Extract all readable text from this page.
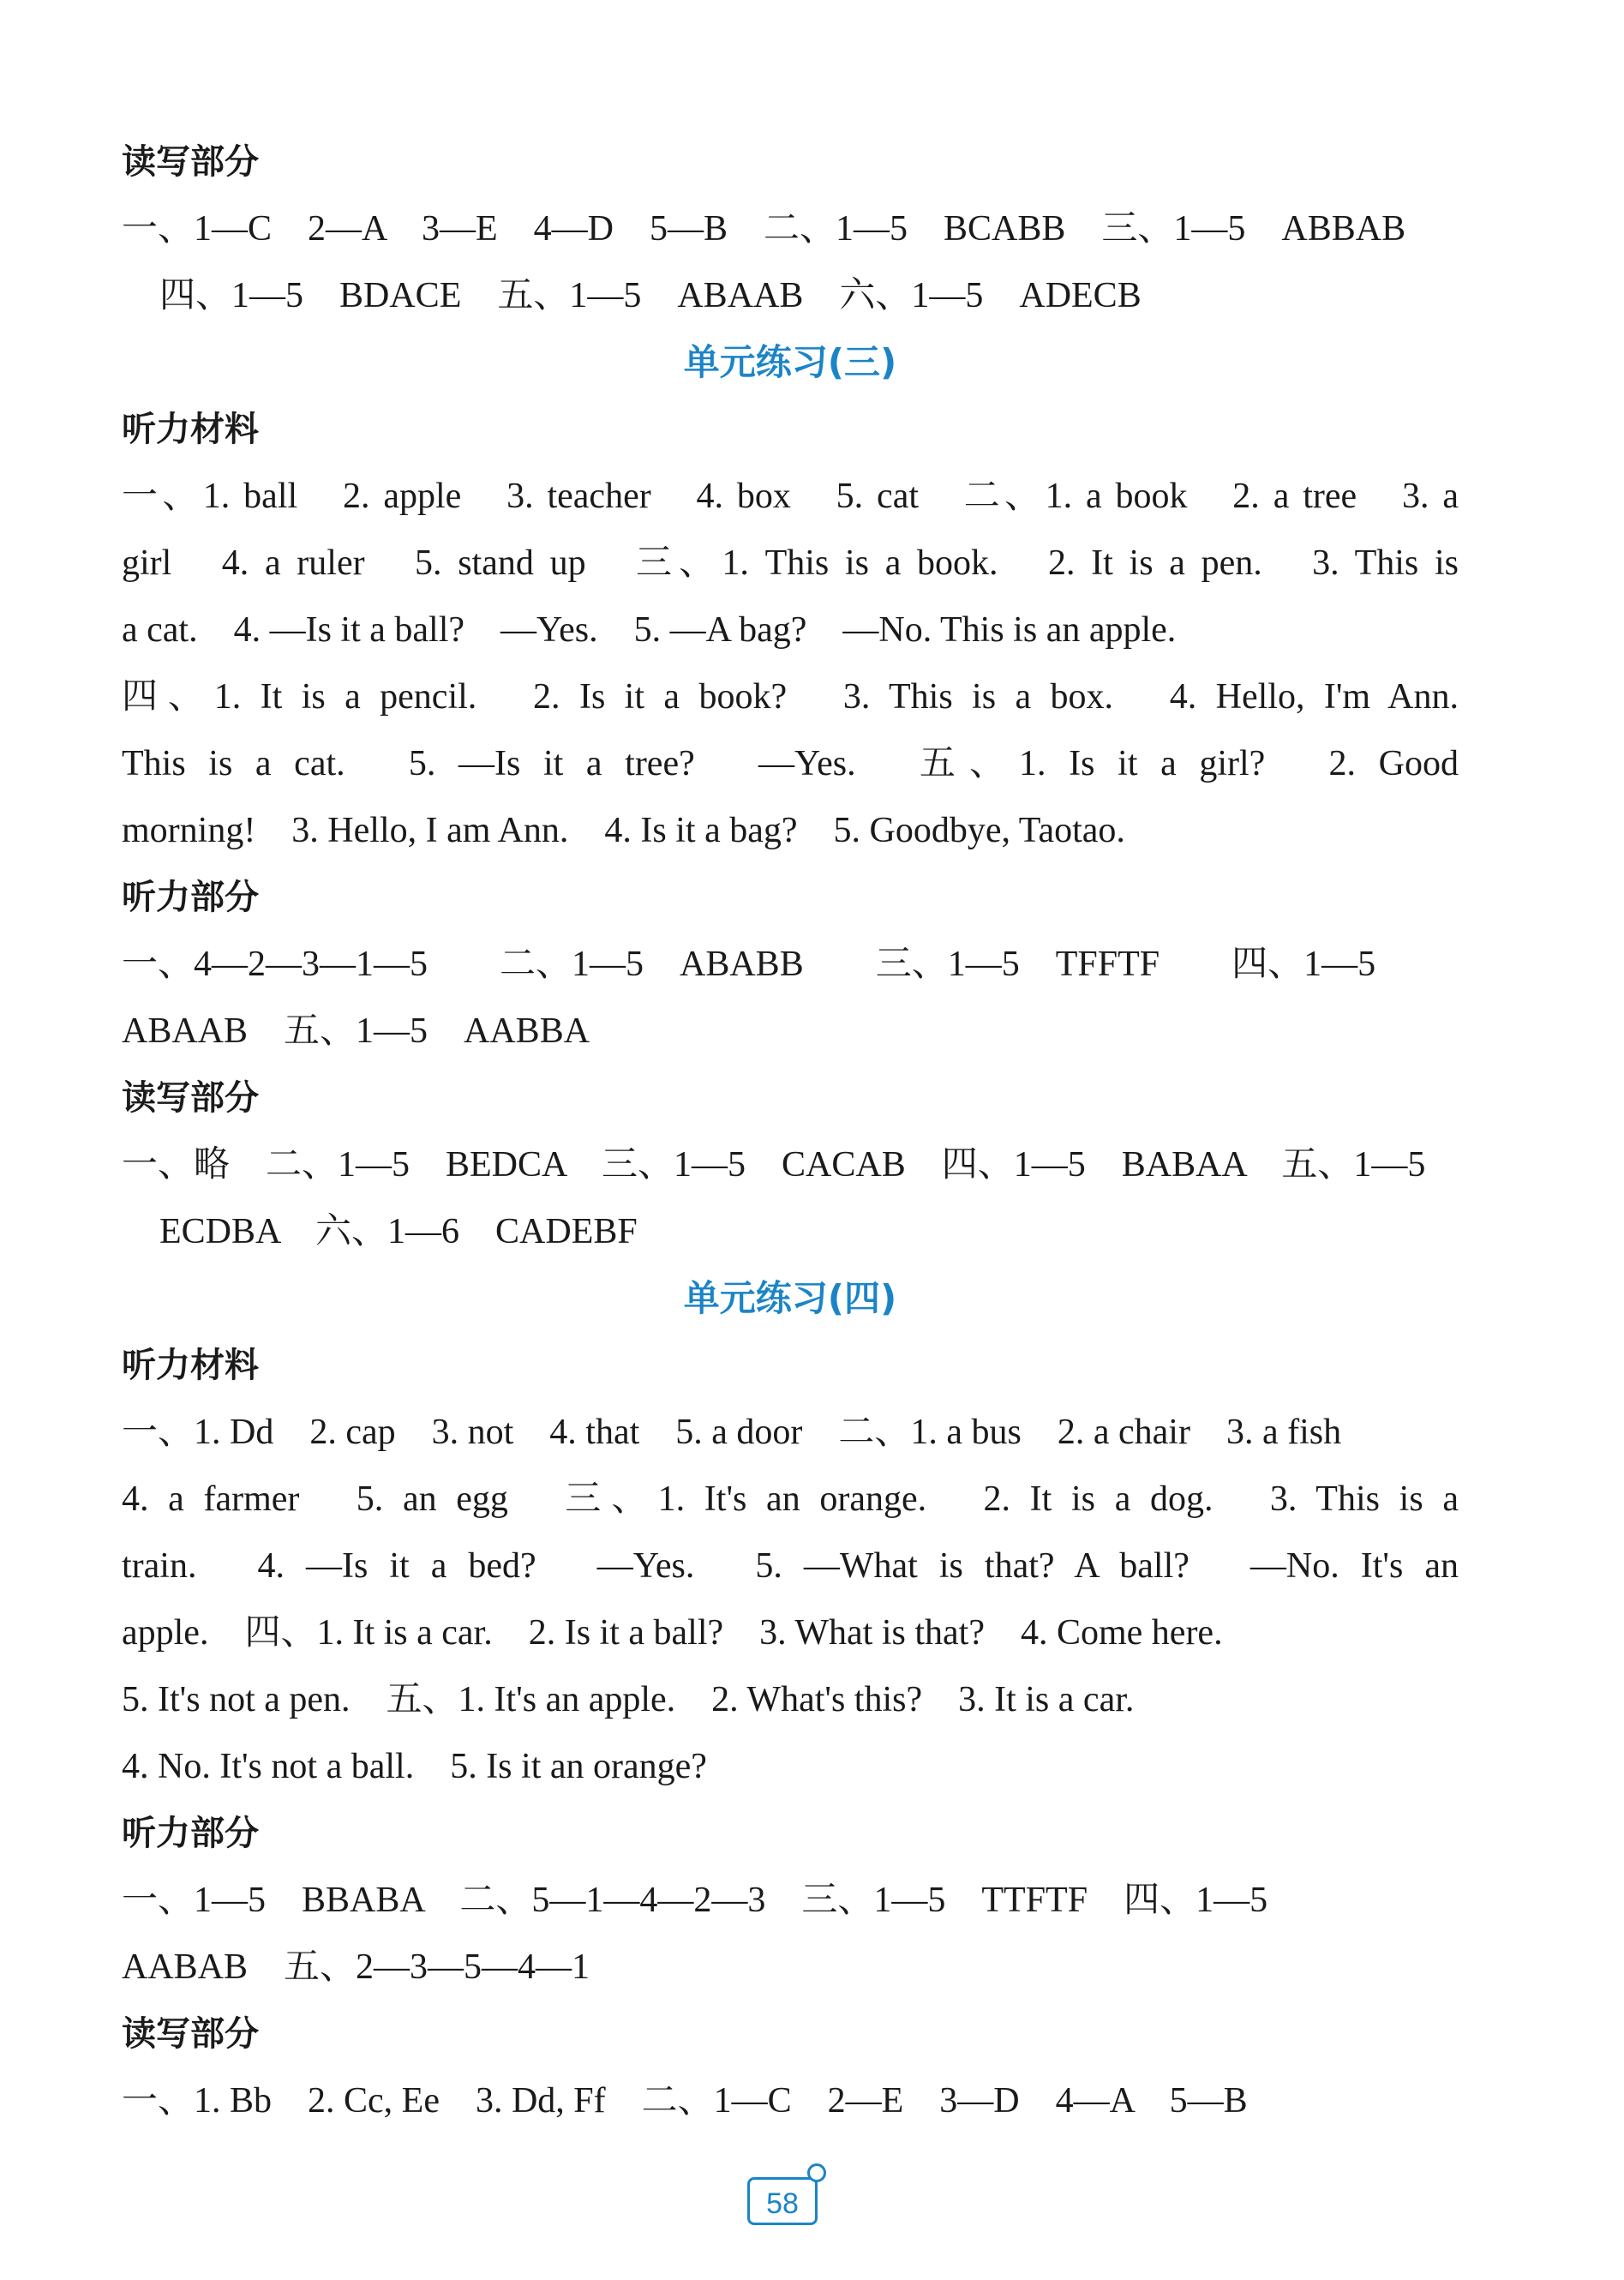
读写部分
一、1—C　2—A　3—E　4—D　5—B　二、1—5　BCABB　三、1—5　ABBAB
四、1—5　BDACE　五、1—5　ABAAB　六、1—5　ADECB
单元练习(三)
听力材料
一、1. ball　2. apple　3. teacher　4. box　5. cat　二、1. a book　2. a tree　3. a
girl　4. a ruler　5. stand up　三、1. This is a book.　2. It is a pen.　3. This is
a cat.　4. —Is it a ball?　—Yes.　5. —A bag?　—No. This is an apple.
四、1. It is a pencil.　2. Is it a book?　3. This is a box.　4. Hello, I'm Ann.
This is a cat.　5. —Is it a tree?　—Yes.　五、1. Is it a girl?　2. Good
morning!　3. Hello, I am Ann.　4. Is it a bag?　5. Goodbye, Taotao.
听力部分
一、4—2—3—1—5　　二、1—5　ABABB　　三、1—5　TFFTF　　四、1—5
ABAAB　五、1—5　AABBA
读写部分
一、略　二、1—5　BEDCA　三、1—5　CACAB　四、1—5　BABAA　五、1—5
ECDBA　六、1—6　CADEBF
单元练习(四)
听力材料
一、1. Dd　2. cap　3. not　4. that　5. a door　二、1. a bus　2. a chair　3. a fish
4. a farmer　5. an egg　三、1. It's an orange.　2. It is a dog.　3. This is a
train.　4. —Is it a bed?　—Yes.　5. —What is that? A ball?　—No. It's an
apple.　四、1. It is a car.　2. Is it a ball?　3. What is that?　4. Come here.
5. It's not a pen.　五、1. It's an apple.　2. What's this?　3. It is a car.
4. No. It's not a ball.　5. Is it an orange?
听力部分
一、1—5　BBABA　二、5—1—4—2—3　三、1—5　TTFTF　四、1—5
AABAB　五、2—3—5—4—1
读写部分
一、1. Bb　2. Cc, Ee　3. Dd, Ff　二、1—C　2—E　3—D　4—A　5—B
58
